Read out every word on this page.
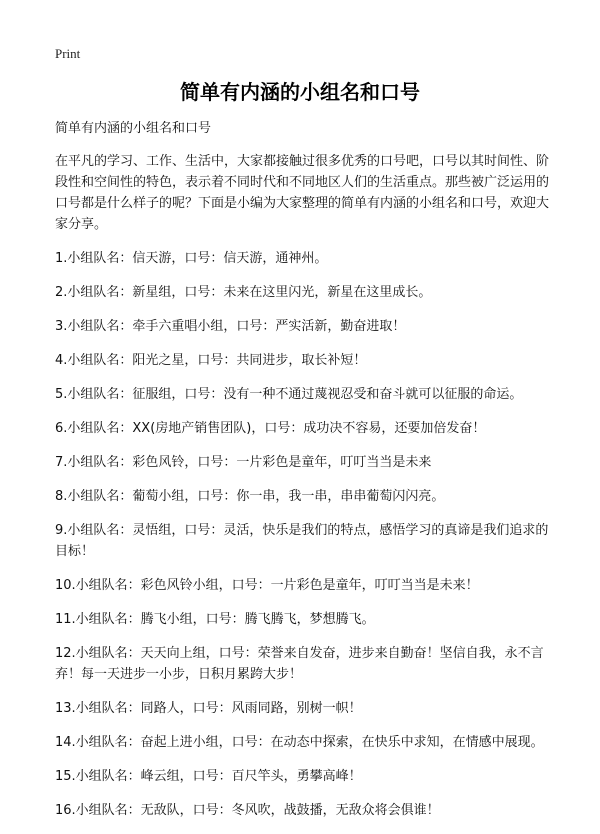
Print
简单有内涵的小组名和口号

简单有内涵的小组名和口号

在平凡的学习、工作、生活中，大家都接触过很多优秀的口号吧，口号以其时间性、阶段性和空间性的特色，表示着不同时代和不同地区人们的生活重点。那些被广泛运用的口号都是什么样子的呢？下面是小编为大家整理的简单有内涵的小组名和口号，欢迎大家分享。

1.小组队名：信天游，口号：信天游，通神州。
2.小组队名：新星组，口号：未来在这里闪光，新星在这里成长。
3.小组队名：牵手六重唱小组，口号：严实活新，勤奋进取！
4.小组队名：阳光之星，口号：共同进步，取长补短！
5.小组队名：征服组，口号：没有一种不通过蔑视忍受和奋斗就可以征服的命运。
6.小组队名：XX(房地产销售团队)，口号：成功决不容易，还要加倍发奋！
7.小组队名：彩色风铃，口号：一片彩色是童年，叮叮当当是未来
8.小组队名：葡萄小组，口号：你一串，我一串，串串葡萄闪闪亮。
9.小组队名：灵悟组，口号：灵活，快乐是我们的特点，感悟学习的真谛是我们追求的目标！
10.小组队名：彩色风铃小组，口号：一片彩色是童年，叮叮当当是未来！
11.小组队名：腾飞小组，口号：腾飞腾飞，梦想腾飞。
12.小组队名：天天向上组，口号：荣誉来自发奋，进步来自勤奋！坚信自我，永不言弃！每一天进步一小步，日积月累跨大步！
13.小组队名：同路人，口号：风雨同路，别树一帜！
14.小组队名：奋起上进小组，口号：在动态中探索，在快乐中求知，在情感中展现。
15.小组队名：峰云组，口号：百尺竿头，勇攀高峰！
16.小组队名：无敌队，口号：冬风吹，战鼓播，无敌众将会俱谁！
